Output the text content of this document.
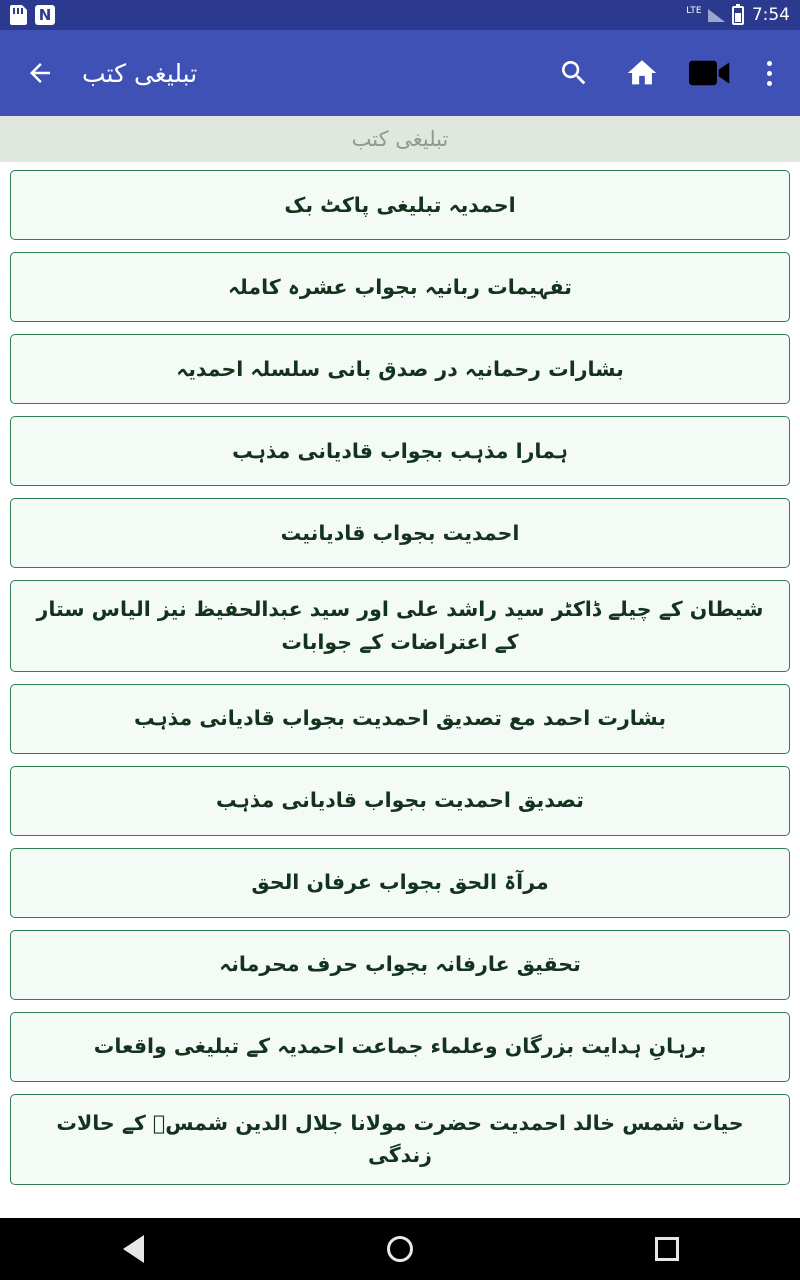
N	LTE	7:54
تبلیغی کتب
تبلیغی کتب
احمدیہ تبلیغی پاکٹ بک
تفہیمات ربانیہ بجواب عشرہ کاملہ
بشارات رحمانیہ در صدق بانی سلسلہ احمدیہ
ہمارا مذہب بجواب قادیانی مذہب
احمدیت بجواب قادیانیت
شیطان کے چیلے ڈاکٹر سید راشد علی اور سید عبدالحفیظ نیز الیاس ستار کے اعتراضات کے جوابات
بشارت احمد مع تصدیق احمدیت بجواب قادیانی مذہب
تصدیق احمدیت بجواب قادیانی مذہب
مرآۃ الحق بجواب عرفان الحق
تحقیق عارفانہ بجواب حرف محرمانہ
برہانِ ہدایت بزرگان وعلماء جماعت احمدیہ کے تبلیغی واقعات
حیات شمس خالد احمدیت حضرت مولانا جلال الدین شمسؓ کے حالات زندگی
